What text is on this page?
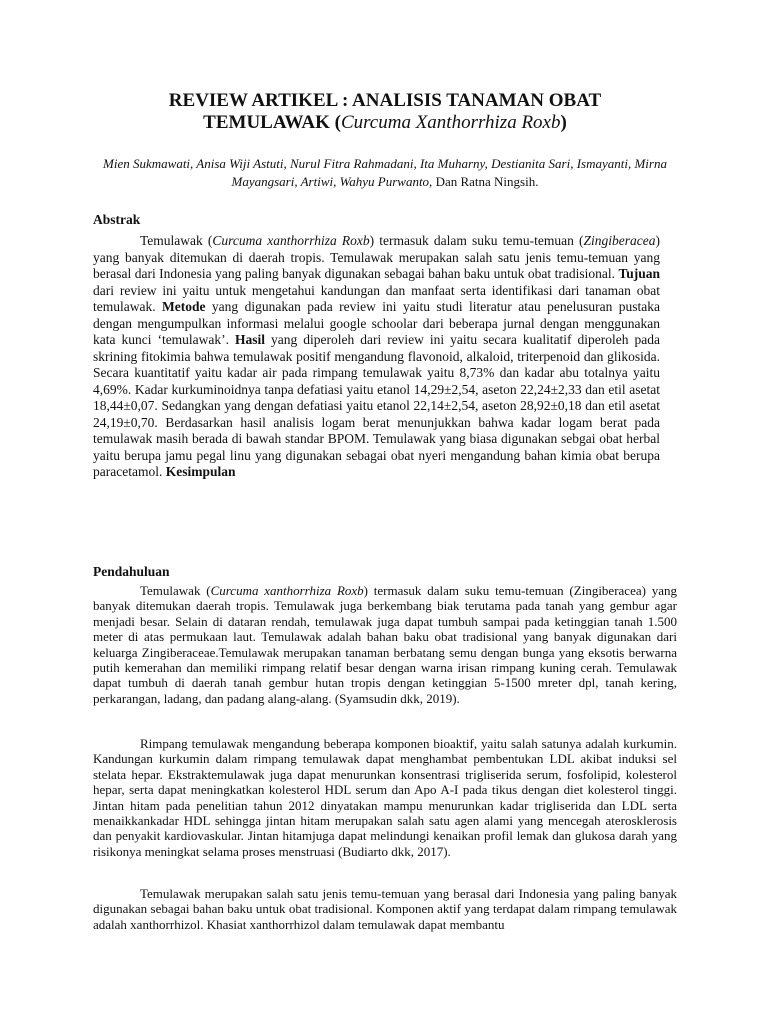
REVIEW ARTIKEL : ANALISIS TANAMAN OBAT
TEMULAWAK (Curcuma Xanthorrhiza Roxb)
Mien Sukmawati, Anisa Wiji Astuti, Nurul Fitra Rahmadani, Ita Muharny, Destianita Sari, Ismayanti, Mirna Mayangsari, Artiwi, Wahyu Purwanto, Dan Ratna Ningsih.
Abstrak

Temulawak (Curcuma xanthorrhiza Roxb) termasuk dalam suku temu-temuan (Zingiberacea) yang banyak ditemukan di daerah tropis. Temulawak merupakan salah satu jenis temu-temuan yang berasal dari Indonesia yang paling banyak digunakan sebagai bahan baku untuk obat tradisional. Tujuan dari review ini yaitu untuk mengetahui kandungan dan manfaat serta identifikasi dari tanaman obat temulawak. Metode yang digunakan pada review ini yaitu studi literatur atau penelusuran pustaka dengan mengumpulkan informasi melalui google schoolar dari beberapa jurnal dengan menggunakan kata kunci ‘temulawak’. Hasil yang diperoleh dari review ini yaitu secara kualitatif diperoleh pada skrining fitokimia bahwa temulawak positif mengandung flavonoid, alkaloid, triterpenoid dan glikosida. Secara kuantitatif yaitu kadar air pada rimpang temulawak yaitu 8,73% dan kadar abu totalnya yaitu 4,69%. Kadar kurkuminoidnya tanpa defatiasi yaitu etanol 14,29±2,54, aseton 22,24±2,33 dan etil asetat 18,44±0,07. Sedangkan yang dengan defatiasi yaitu etanol 22,14±2,54, aseton 28,92±0,18 dan etil asetat 24,19±0,70. Berdasarkan hasil analisis logam berat menunjukkan bahwa kadar logam berat pada temulawak masih berada di bawah standar BPOM. Temulawak yang biasa digunakan sebgai obat herbal yaitu berupa jamu pegal linu yang digunakan sebagai obat nyeri mengandung bahan kimia obat berupa paracetamol. Kesimpulan

Pendahuluan

Temulawak (Curcuma xanthorrhiza Roxb) termasuk dalam suku temu-temuan (Zingiberacea) yang banyak ditemukan daerah tropis. Temulawak juga berkembang biak terutama pada tanah yang gembur agar menjadi besar. Selain di dataran rendah, temulawak juga dapat tumbuh sampai pada ketinggian tanah 1.500 meter di atas permukaan laut. Temulawak adalah bahan baku obat tradisional yang banyak digunakan dari keluarga Zingiberaceae.Temulawak merupakan tanaman berbatang semu dengan bunga yang eksotis berwarna putih kemerahan dan memiliki rimpang relatif besar dengan warna irisan rimpang kuning cerah. Temulawak dapat tumbuh di daerah tanah gembur hutan tropis dengan ketinggian 5-1500 mreter dpl, tanah kering, perkarangan, ladang, dan padang alang-alang. (Syamsudin dkk, 2019).

Rimpang temulawak mengandung beberapa komponen bioaktif, yaitu salah satunya adalah kurkumin. Kandungan kurkumin dalam rimpang temulawak dapat menghambat pembentukan LDL akibat induksi sel stelata hepar. Ekstraktemulawak juga dapat menurunkan konsentrasi trigliserida serum, fosfolipid, kolesterol hepar, serta dapat meningkatkan kolesterol HDL serum dan Apo A-I pada tikus dengan diet kolesterol tinggi. Jintan hitam pada penelitian tahun 2012 dinyatakan mampu menurunkan kadar trigliserida dan LDL serta menaikkankadar HDL sehingga jintan hitam merupakan salah satu agen alami yang mencegah aterosklerosis dan penyakit kardiovaskular. Jintan hitamjuga dapat melindungi kenaikan profil lemak dan glukosa darah yang risikonya meningkat selama proses menstruasi (Budiarto dkk, 2017).

Temulawak merupakan salah satu jenis temu-temuan yang berasal dari Indonesia yang paling banyak digunakan sebagai bahan baku untuk obat tradisional. Komponen aktif yang terdapat dalam rimpang temulawak adalah xanthorrhizol. Khasiat xanthorrhizol dalam temulawak dapat membantu
